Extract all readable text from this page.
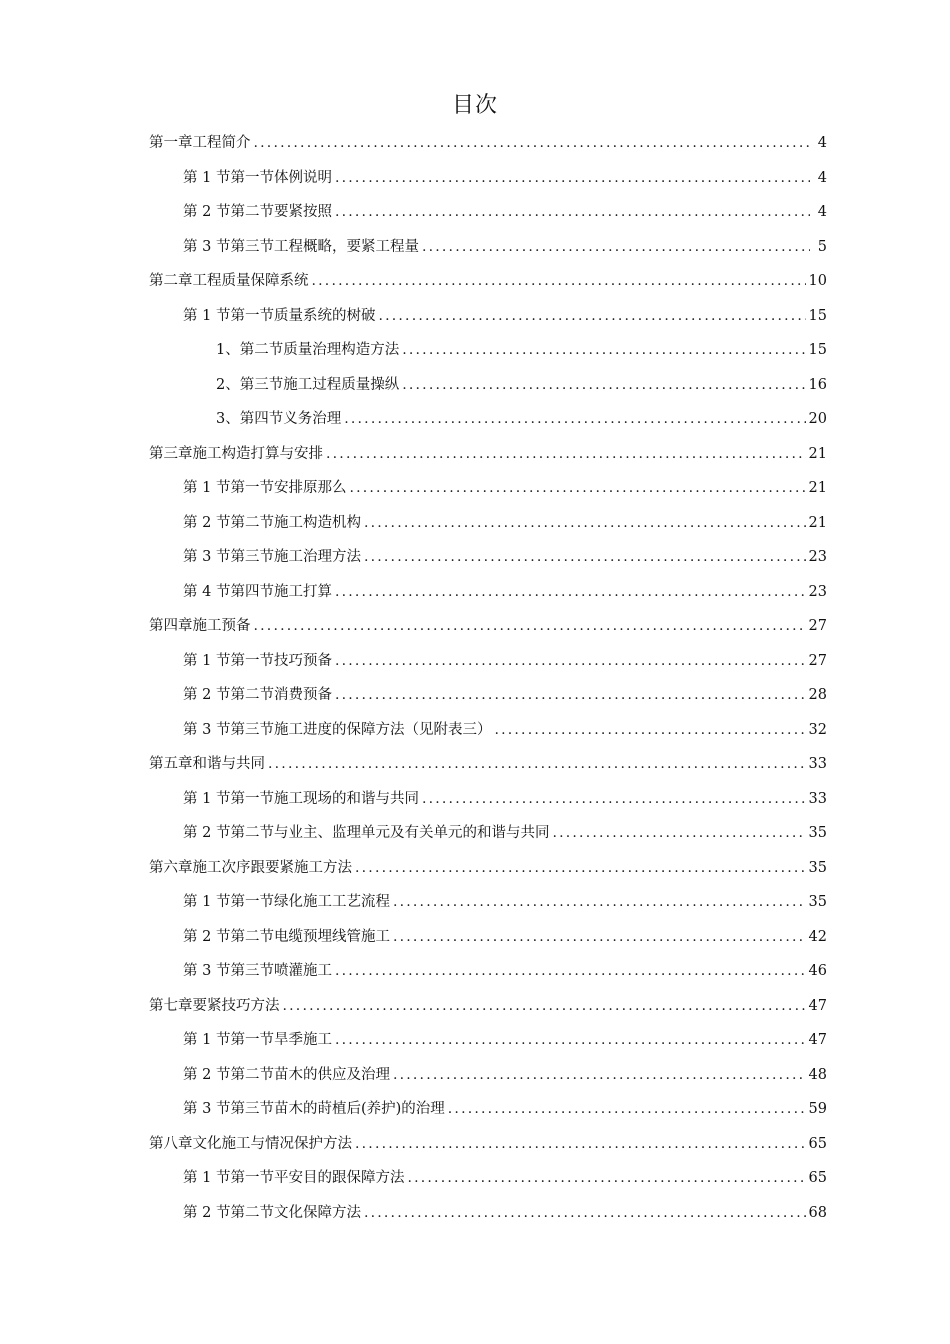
目次
第一章工程简介 .....	4
第 1 节第一节体例说明 .....	4
第 2 节第二节要紧按照 .....	4
第 3 节第三节工程概略，要紧工程量 .....	5
第二章工程质量保障系统 .....	10
第 1 节第一节质量系统的树破 .....	15
1、第二节质量治理构造方法 .....	15
2、第三节施工过程质量操纵 .....	16
3、第四节义务治理 .....	20
第三章施工构造打算与安排 .....	21
第 1 节第一节安排原那么 .....	21
第 2 节第二节施工构造机构 .....	21
第 3 节第三节施工治理方法 .....	23
第 4 节第四节施工打算 .....	23
第四章施工预备 .....	27
第 1 节第一节技巧预备 .....	27
第 2 节第二节消费预备 .....	28
第 3 节第三节施工进度的保障方法（见附表三） .....	32
第五章和谐与共同 .....	33
第 1 节第一节施工现场的和谐与共同 .....	33
第 2 节第二节与业主、监理单元及有关单元的和谐与共同 .....	35
第六章施工次序跟要紧施工方法 .....	35
第 1 节第一节绿化施工工艺流程 .....	35
第 2 节第二节电缆预埋线管施工 .....	42
第 3 节第三节喷灌施工 .....	46
第七章要紧技巧方法 .....	47
第 1 节第一节旱季施工 .....	47
第 2 节第二节苗木的供应及治理 .....	48
第 3 节第三节苗木的莳植后(养护)的治理 .....	59
第八章文化施工与情况保护方法 .....	65
第 1 节第一节平安目的跟保障方法 .....	65
第 2 节第二节文化保障方法 .....	68
